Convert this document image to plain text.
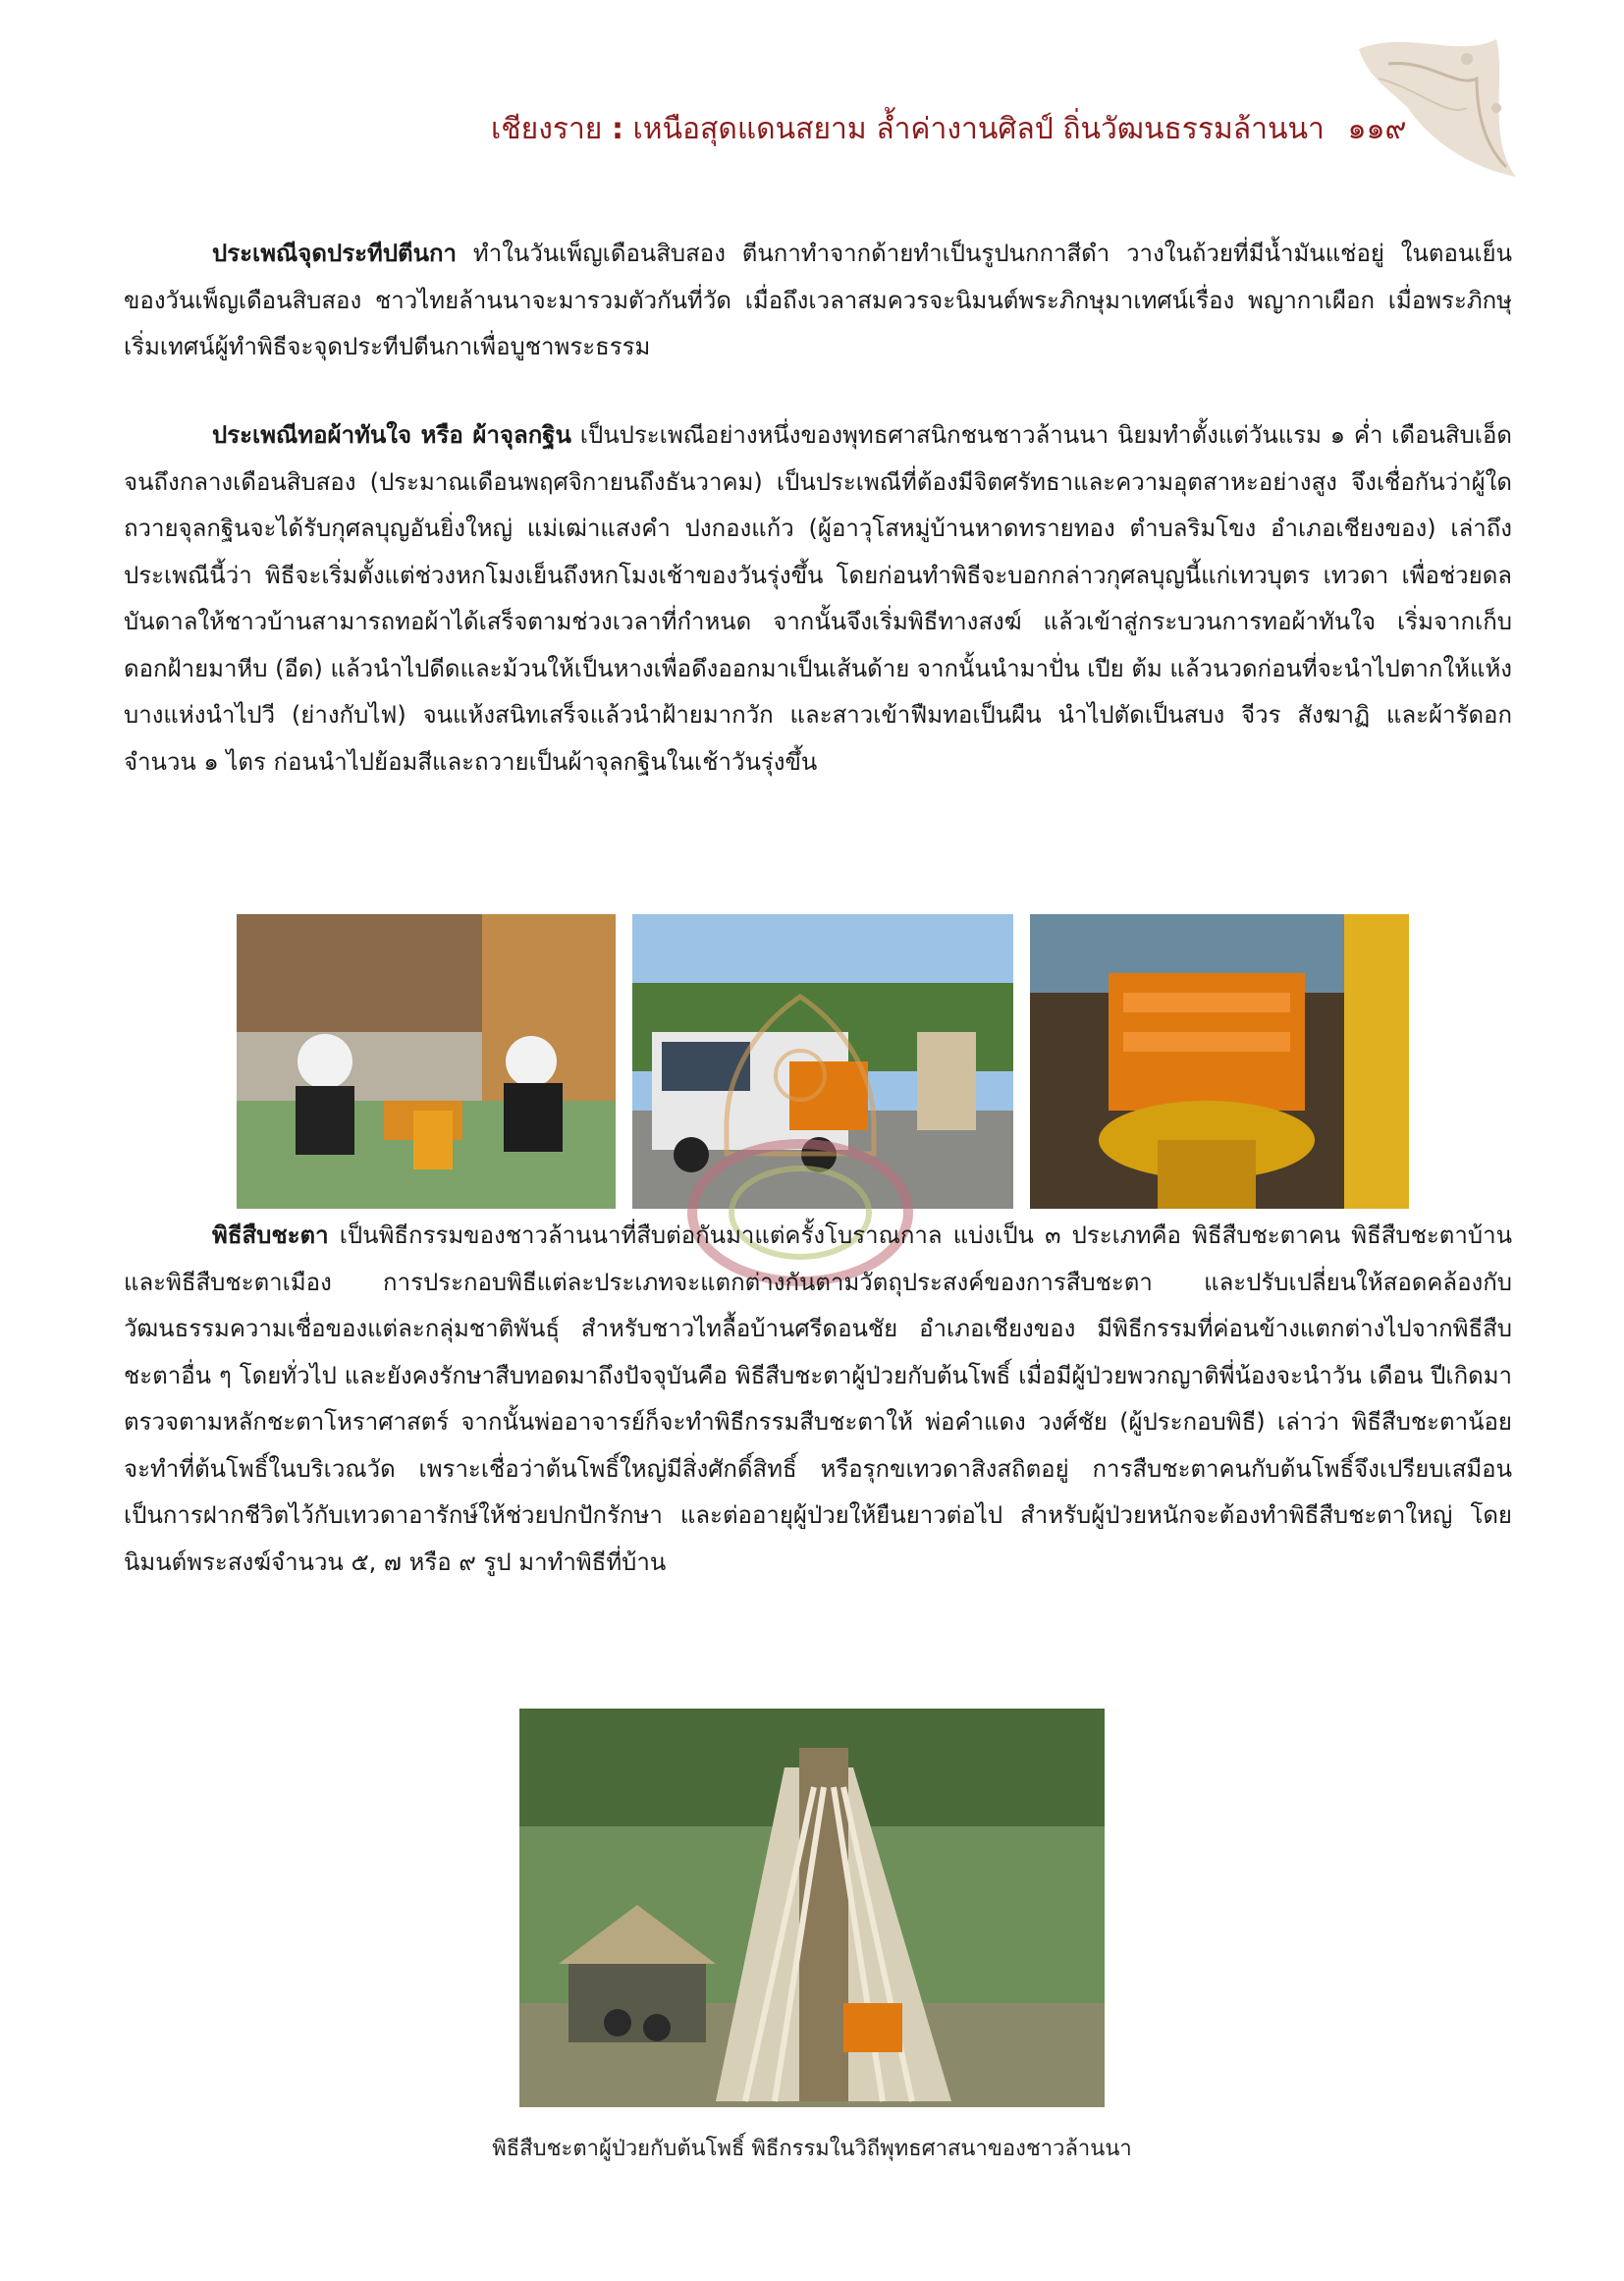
เชียงราย : เหนือสุดแดนสยาม ล้ำค่างานศิลป์ ถิ่นวัฒนธรรมล้านนา ๑๑๙
ประเพณีจุดประทีปตีนกา ทำในวันเพ็ญเดือนสิบสอง ตีนกาทำจากด้ายทำเป็นรูปนกกาสีดำ วางในถ้วยที่มีน้ำมันแช่อยู่ ในตอนเย็นของวันเพ็ญเดือนสิบสอง ชาวไทยล้านนาจะมารวมตัวกันที่วัด เมื่อถึงเวลาสมควรจะนิมนต์พระภิกษุมาเทศน์เรื่อง พญากาเผือก เมื่อพระภิกษุเริ่มเทศน์ผู้ทำพิธีจะจุดประทีปตีนกาเพื่อบูชาพระธรรม
ประเพณีทอผ้าทันใจ หรือ ผ้าจุลกฐิน เป็นประเพณีอย่างหนึ่งของพุทธศาสนิกชนชาวล้านนา นิยมทำตั้งแต่วันแรม ๑ ค่ำ เดือนสิบเอ็ด จนถึงกลางเดือนสิบสอง (ประมาณเดือนพฤศจิกายนถึงธันวาคม) เป็นประเพณีที่ต้องมีจิตศรัทธาและความอุตสาหะอย่างสูง จึงเชื่อกันว่าผู้ใดถวายจุลกฐินจะได้รับกุศลบุญอันยิ่งใหญ่ แม่เฒ่าแสงคำ ปงกองแก้ว (ผู้อาวุโสหมู่บ้านหาดทรายทอง ตำบลริมโขง อำเภอเชียงของ) เล่าถึงประเพณีนี้ว่า พิธีจะเริ่มตั้งแต่ช่วงหกโมงเย็นถึงหกโมงเช้าของวันรุ่งขึ้น โดยก่อนทำพิธีจะบอกกล่าวกุศลบุญนี้แก่เทวบุตร เทวดา เพื่อช่วยดลบันดาลให้ชาวบ้านสามารถทอผ้าได้เสร็จตามช่วงเวลาที่กำหนด จากนั้นจึงเริ่มพิธีทางสงฆ์ แล้วเข้าสู่กระบวนการทอผ้าทันใจ เริ่มจากเก็บดอกฝ้ายมาหีบ (อีด) แล้วนำไปดีดและม้วนให้เป็นหางเพื่อดึงออกมาเป็นเส้นด้าย จากนั้นนำมาปั่น เปีย ต้ม แล้วนวดก่อนที่จะนำไปตากให้แห้ง บางแห่งนำไปวี (ย่างกับไฟ) จนแห้งสนิทเสร็จแล้วนำฝ้ายมากวัก และสาวเข้าฟืมทอเป็นผืน นำไปตัดเป็นสบง จีวร สังฆาฏิ และผ้ารัดอก จำนวน ๑ ไตร ก่อนนำไปย้อมสีและถวายเป็นผ้าจุลกฐินในเช้าวันรุ่งขึ้น
พิธีสืบชะตา เป็นพิธีกรรมของชาวล้านนาที่สืบต่อกันมาแต่ครั้งโบราณกาล แบ่งเป็น ๓ ประเภทคือ พิธีสืบชะตาคน พิธีสืบชะตาบ้าน และพิธีสืบชะตาเมือง การประกอบพิธีแต่ละประเภทจะแตกต่างกันตามวัตถุประสงค์ของการสืบชะตา และปรับเปลี่ยนให้สอดคล้องกับวัฒนธรรมความเชื่อของแต่ละกลุ่มชาติพันธุ์ สำหรับชาวไทลื้อบ้านศรีดอนชัย อำเภอเชียงของ มีพิธีกรรมที่ค่อนข้างแตกต่างไปจากพิธีสืบชะตาอื่น ๆ โดยทั่วไป และยังคงรักษาสืบทอดมาถึงปัจจุบันคือ พิธีสืบชะตาผู้ป่วยกับต้นโพธิ์ เมื่อมีผู้ป่วยพวกญาติพี่น้องจะนำวัน เดือน ปีเกิดมาตรวจตามหลักชะตาโหราศาสตร์ จากนั้นพ่ออาจารย์ก็จะทำพิธีกรรมสืบชะตาให้ พ่อคำแดง วงศ์ชัย (ผู้ประกอบพิธี) เล่าว่า พิธีสืบชะตาน้อย จะทำที่ต้นโพธิ์ในบริเวณวัด เพราะเชื่อว่าต้นโพธิ์ใหญ่มีสิ่งศักดิ์สิทธิ์ หรือรุกขเทวดาสิงสถิตอยู่ การสืบชะตาคนกับต้นโพธิ์จึงเปรียบเสมือนเป็นการฝากชีวิตไว้กับเทวดาอารักษ์ให้ช่วยปกปักรักษา และต่ออายุผู้ป่วยให้ยืนยาวต่อไป สำหรับผู้ป่วยหนักจะต้องทำพิธีสืบชะตาใหญ่ โดยนิมนต์พระสงฆ์จำนวน ๕, ๗ หรือ ๙ รูป มาทำพิธีที่บ้าน
พิธีสืบชะตาผู้ป่วยกับต้นโพธิ์ พิธีกรรมในวิถีพุทธศาสนาของชาวล้านนา
